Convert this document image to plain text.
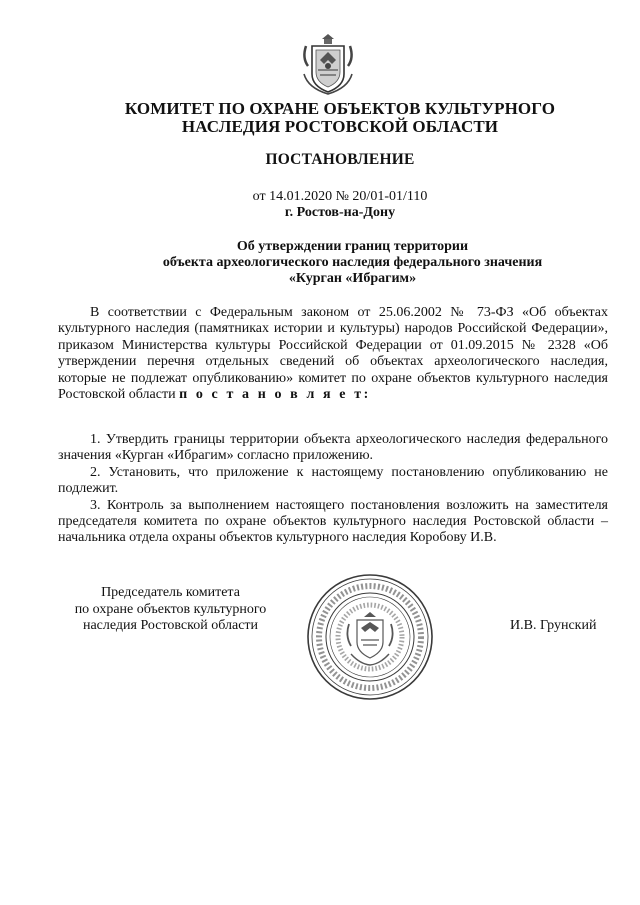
КОМИТЕТ ПО ОХРАНЕ ОБЪЕКТОВ КУЛЬТУРНОГО
НАСЛЕДИЯ РОСТОВСКОЙ ОБЛАСТИ
ПОСТАНОВЛЕНИЕ
от 14.01.2020 № 20/01-01/110
г. Ростов-на-Дону
Об утверждении границ территории
объекта археологического наследия федерального значения
«Курган «Ибрагим»
В соответствии с Федеральным законом от 25.06.2002 № 73-ФЗ «Об объектах культурного наследия (памятниках истории и культуры) народов Российской Федерации», приказом Министерства культуры Российской Федерации от 01.09.2015 № 2328 «Об утверждении перечня отдельных сведений об объектах археологического наследия, которые не подлежат опубликованию» комитет по охране объектов культурного наследия Ростовской области п о с т а н о в л я е т:

1. Утвердить границы территории объекта археологического наследия федерального значения «Курган «Ибрагим» согласно приложению.

2. Установить, что приложение к настоящему постановлению опубликованию не подлежит.

3. Контроль за выполнением настоящего постановления возложить на заместителя председателя комитета по охране объектов культурного наследия Ростовской области – начальника отдела охраны объектов культурного наследия Коробову И.В.

Председатель комитета
по охране объектов культурного
наследия Ростовской области	И.В. Грунский
